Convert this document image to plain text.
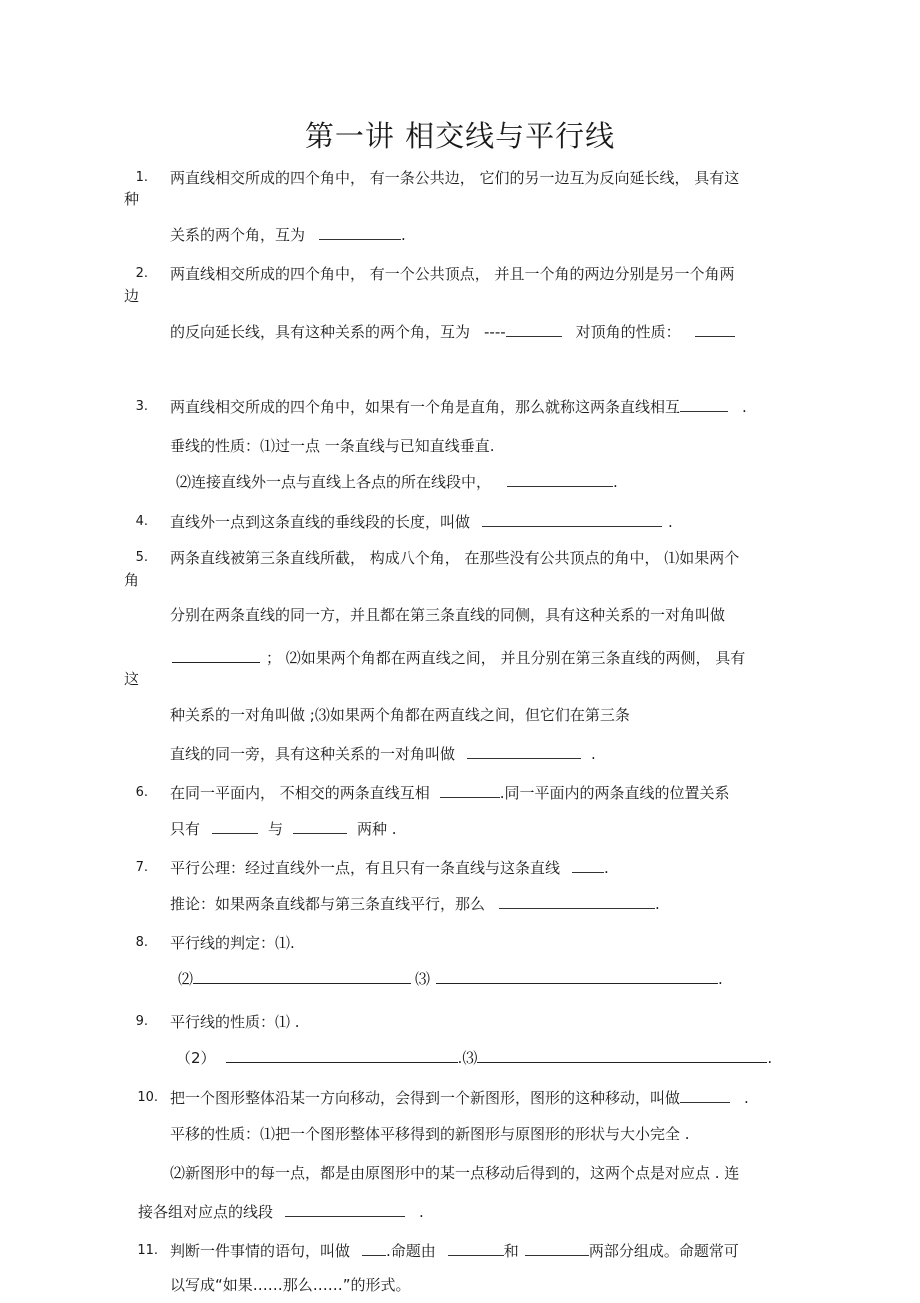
第一讲 相交线与平行线
1. 两直线相交所成的四个角中， 有一条公共边， 它们的另一边互为反向延长线， 具有这
种
关系的两个角，互为	.
2. 两直线相交所成的四个角中， 有一个公共顶点， 并且一个角的两边分别是另一个角两
边
的反向延长线，具有这种关系的两个角，互为 ----	对顶角的性质：
3. 两直线相交所成的四个角中，如果有一个角是直角，那么就称这两条直线相互	.
垂线的性质：⑴过一点 一条直线与已知直线垂直.
⑵连接直线外一点与直线上各点的所在线段中，	.
4. 直线外一点到这条直线的垂线段的长度，叫做	.
5. 两条直线被第三条直线所截， 构成八个角， 在那些没有公共顶点的角中， ⑴如果两个
角
分别在两条直线的同一方，并且都在第三条直线的同侧，具有这种关系的一对角叫做
； ⑵如果两个角都在两直线之间， 并且分别在第三条直线的两侧， 具有
这
种关系的一对角叫做 ;⑶如果两个角都在两直线之间，但它们在第三条
直线的同一旁，具有这种关系的一对角叫做	.
6. 在同一平面内， 不相交的两条直线互相	.同一平面内的两条直线的位置关系
只有	与	两种 .
7. 平行公理：经过直线外一点，有且只有一条直线与这条直线	.
推论：如果两条直线都与第三条直线平行，那么	.
8. 平行线的判定：⑴.
⑵	⑶	.
9. 平行线的性质：⑴ .
（2）	.⑶	.
10. 把一个图形整体沿某一方向移动，会得到一个新图形，图形的这种移动，叫做	.
平移的性质：⑴把一个图形整体平移得到的新图形与原图形的形状与大小完全 .
⑵新图形中的每一点，都是由原图形中的某一点移动后得到的，这两个点是对应点 . 连
接各组对应点的线段	.
11. 判断一件事情的语句，叫做 .命题由	和	两部分组成。命题常可
以写成“如果……那么……”的形式。
